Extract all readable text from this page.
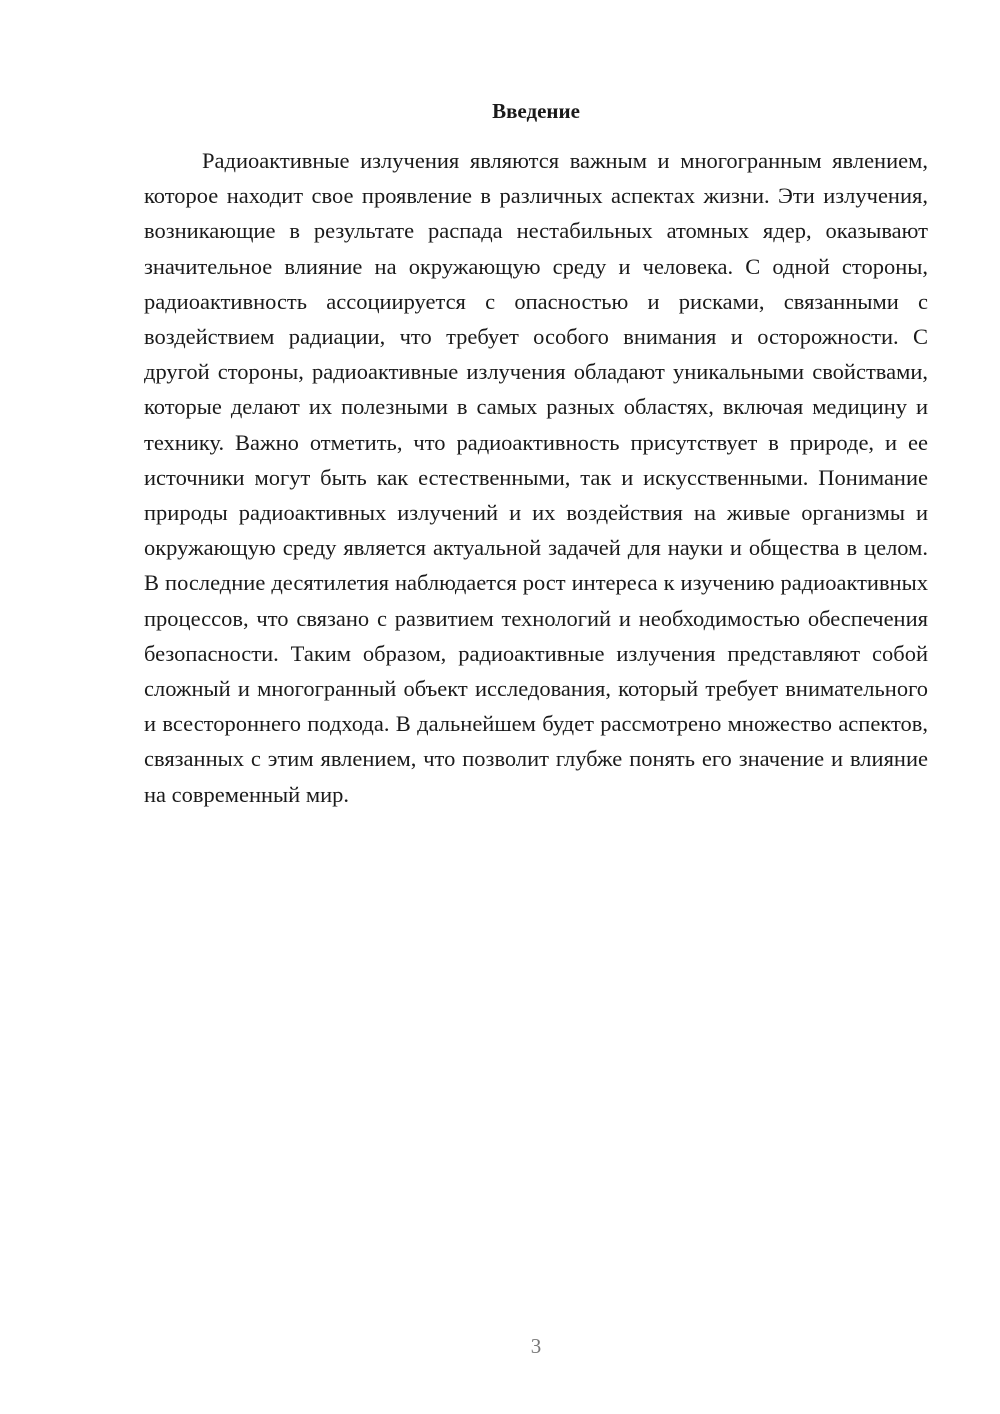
Введение

Радиоактивные излучения являются важным и многогранным явлением, которое находит свое проявление в различных аспектах жизни. Эти излучения, возникающие в результате распада нестабильных атомных ядер, оказывают значительное влияние на окружающую среду и человека. С одной стороны, радиоактивность ассоциируется с опасностью и рисками, связанными с воздействием радиации, что требует особого внимания и осторожности. С другой стороны, радиоактивные излучения обладают уникальными свойствами, которые делают их полезными в самых разных областях, включая медицину и технику. Важно отметить, что радиоактивность присутствует в природе, и ее источники могут быть как естественными, так и искусственными. Понимание природы радиоактивных излучений и их воздействия на живые организмы и окружающую среду является актуальной задачей для науки и общества в целом. В последние десятилетия наблюдается рост интереса к изучению радиоактивных процессов, что связано с развитием технологий и необходимостью обеспечения безопасности. Таким образом, радиоактивные излучения представляют собой сложный и многогранный объект исследования, который требует внимательного и всестороннего подхода. В дальнейшем будет рассмотрено множество аспектов, связанных с этим явлением, что позволит глубже понять его значение и влияние на современный мир.

3
